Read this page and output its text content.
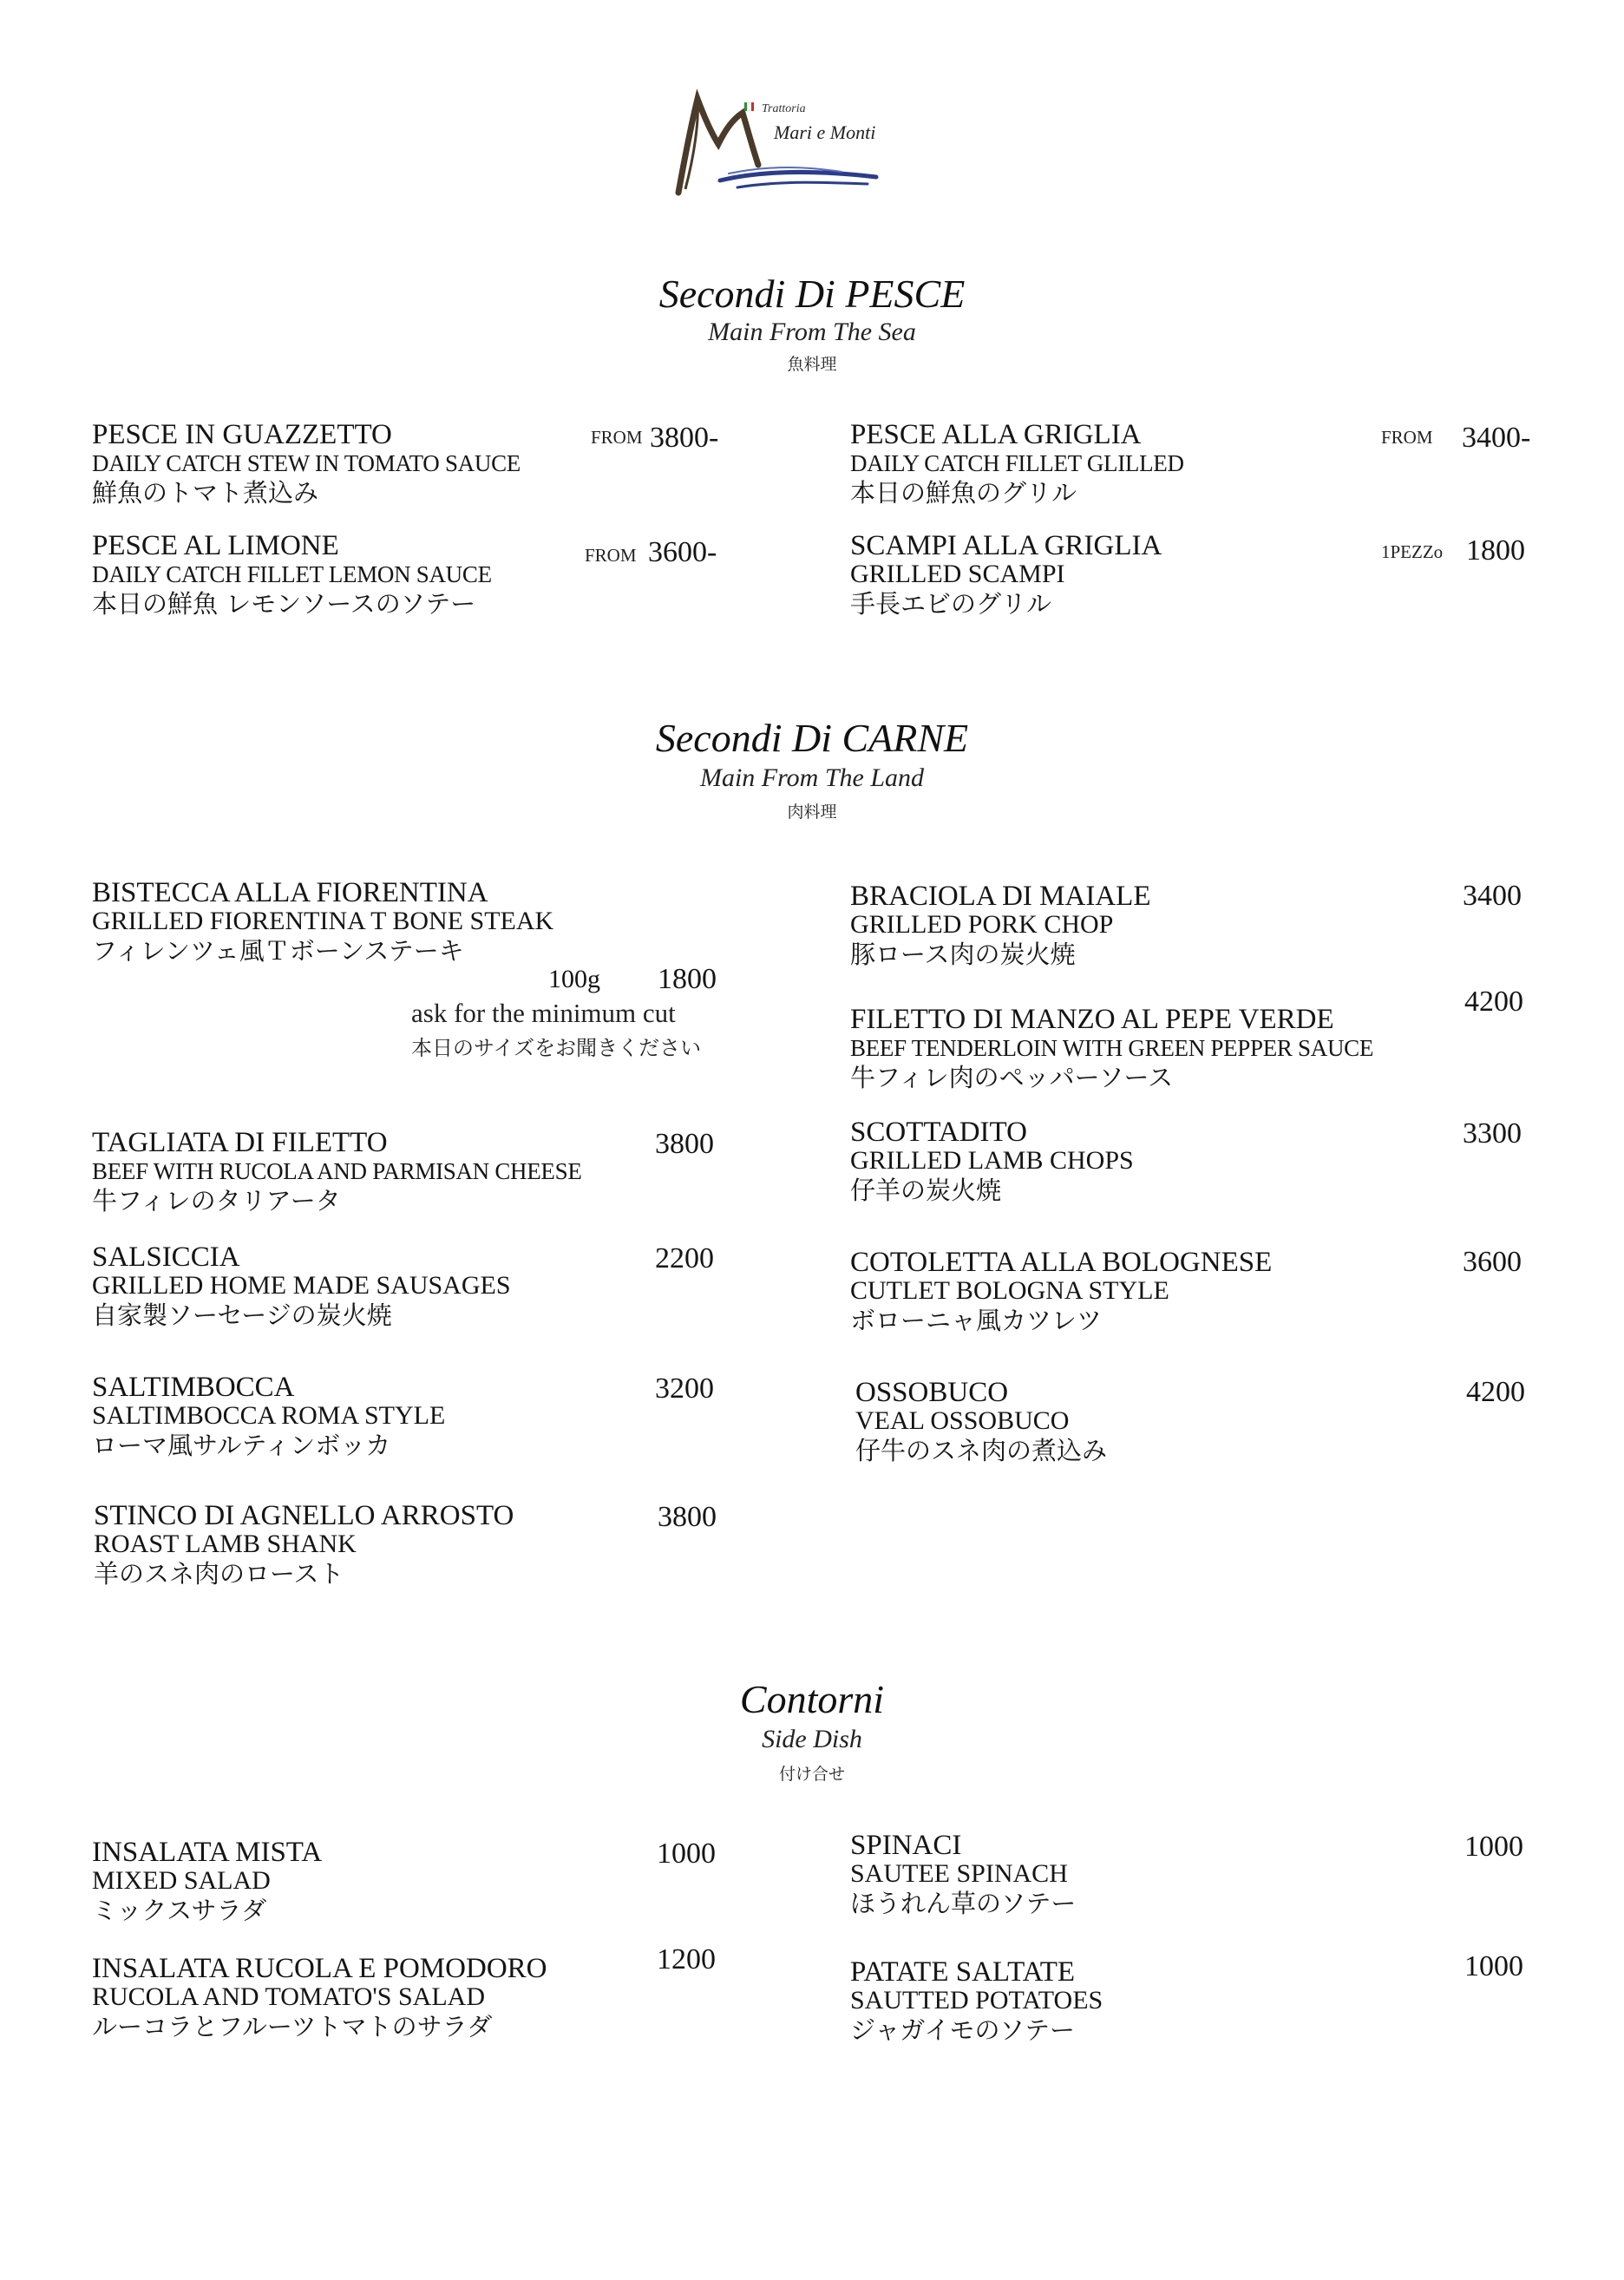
Trattoria
Mari e Monti
Secondi Di PESCE
Main From The Sea
魚料理
PESCE IN GUAZZETTO
DAILY CATCH STEW IN TOMATO SAUCE
鮮魚のトマト煮込み
FROM 3800-
PESCE AL LIMONE
DAILY CATCH FILLET LEMON SAUCE
本日の鮮魚 レモンソースのソテー
FROM 3600-
PESCE ALLA GRIGLIA
DAILY CATCH FILLET GLILLED
本日の鮮魚のグリル
FROM 3400-
SCAMPI ALLA GRIGLIA
GRILLED SCAMPI
手長エビのグリル
1PEZZo 1800
Secondi Di CARNE
Main From The Land
肉料理
BISTECCA ALLA FIORENTINA
GRILLED FIORENTINA T BONE STEAK
フィレンツェ風Ｔボーンステーキ
100g 1800
ask for the minimum cut
本日のサイズをお聞きください
TAGLIATA DI FILETTO
BEEF WITH RUCOLA AND PARMISAN CHEESE
牛フィレのタリアータ
3800
SALSICCIA
GRILLED HOME MADE SAUSAGES
自家製ソーセージの炭火焼
2200
SALTIMBOCCA
SALTIMBOCCA ROMA STYLE
ローマ風サルティンボッカ
3200
STINCO DI AGNELLO ARROSTO
ROAST LAMB SHANK
羊のスネ肉のロースト
3800
BRACIOLA DI MAIALE
GRILLED PORK CHOP
豚ロース肉の炭火焼
3400
FILETTO DI MANZO AL PEPE VERDE
BEEF TENDERLOIN WITH GREEN PEPPER SAUCE
牛フィレ肉のペッパーソース
4200
SCOTTADITO
GRILLED LAMB CHOPS
仔羊の炭火焼
3300
COTOLETTA ALLA BOLOGNESE
CUTLET BOLOGNA STYLE
ボローニャ風カツレツ
3600
OSSOBUCO
VEAL OSSOBUCO
仔牛のスネ肉の煮込み
4200
Contorni
Side Dish
付け合せ
INSALATA MISTA
MIXED SALAD
ミックスサラダ
1000
INSALATA RUCOLA E POMODORO
RUCOLA AND TOMATO'S SALAD
ルーコラとフルーツトマトのサラダ
1200
SPINACI
SAUTEE SPINACH
ほうれん草のソテー
1000
PATATE SALTATE
SAUTTED POTATOES
ジャガイモのソテー
1000
